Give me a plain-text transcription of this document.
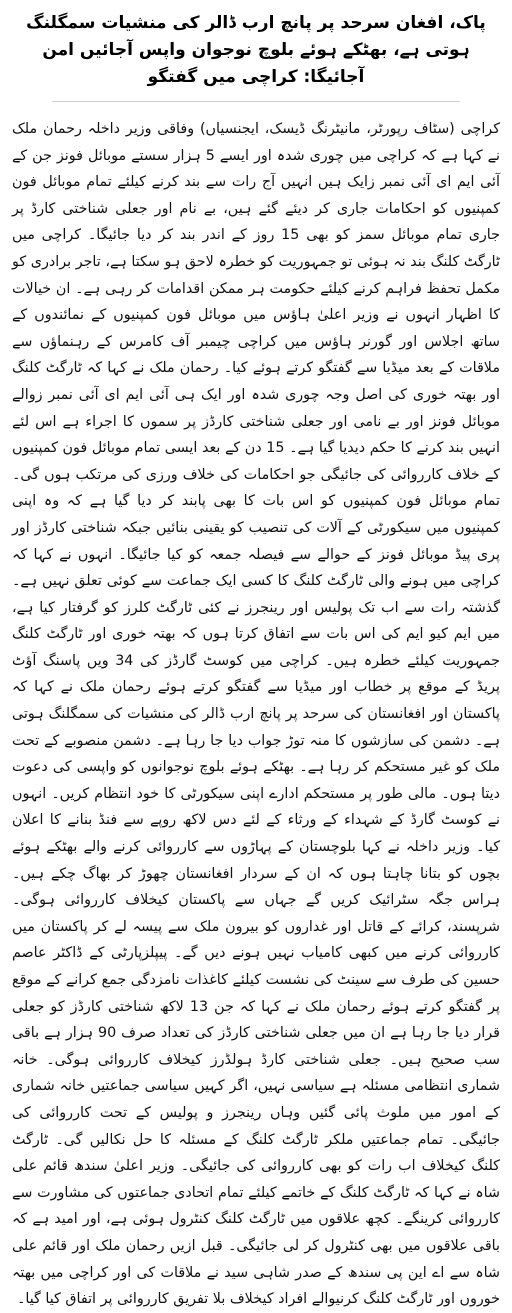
پاک، افغان سرحد پر پانچ ارب ڈالر کی منشیات سمگلنگ ہوتی ہے، بھٹکے ہوئے بلوچ نوجوان واپس آجائیں امن آجائیگا: کراچی میں گفتگو

کراچی (سٹاف رپورٹر، مانیٹرنگ ڈیسک، ایجنسیاں) وفاقی وزیر داخلہ رحمان ملک نے کہا ہے کہ کراچی میں چوری شدہ اور ایسے 5 ہزار سستے موبائل فونز جن کے آئی ایم ای آئی نمبر زایک ہیں انہیں آج رات سے بند کرنے کیلئے تمام موبائل فون کمپنیوں کو احکامات جاری کر دیئے گئے ہیں، بے نام اور جعلی شناختی کارڈ پر جاری تمام موبائل سمز کو بھی 15 روز کے اندر بند کر دیا جائیگا۔ کراچی میں ٹارگٹ کلنگ بند نہ ہوئی تو جمہوریت کو خطرہ لاحق ہو سکتا ہے، تاجر برادری کو مکمل تحفظ فراہم کرنے کیلئے حکومت ہر ممکن اقدامات کر رہی ہے۔ ان خیالات کا اظہار انہوں نے وزیر اعلیٰ ہاؤس میں موبائل فون کمپنیوں کے نمائندوں کے ساتھ اجلاس اور گورنر ہاؤس میں کراچی چیمبر آف کامرس کے رہنماؤں سے ملاقات کے بعد میڈیا سے گفتگو کرتے ہوئے کیا۔ رحمان ملک نے کہا کہ ٹارگٹ کلنگ اور بھتہ خوری کی اصل وجہ چوری شدہ اور ایک ہی آئی ایم ای آئی نمبر زوالے موبائل فونز اور بے نامی اور جعلی شناختی کارڈز پر سموں کا اجراء ہے اس لئے انہیں بند کرنے کا حکم دیدیا گیا ہے۔ 15 دن کے بعد ایسی تمام موبائل فون کمپنیوں کے خلاف کارروائی کی جائیگی جو احکامات کی خلاف ورزی کی مرتکب ہوں گی۔ تمام موبائل فون کمپنیوں کو اس بات کا بھی پابند کر دیا گیا ہے کہ وہ اپنی کمپنیوں میں سیکورٹی کے آلات کی تنصیب کو یقینی بنائیں جبکہ شناختی کارڈز اور پری پیڈ موبائل فونز کے حوالے سے فیصلہ جمعہ کو کیا جائیگا۔ انہوں نے کہا کہ کراچی میں ہونے والی ٹارگٹ کلنگ کا کسی ایک جماعت سے کوئی تعلق نہیں ہے۔ گذشتہ رات سے اب تک پولیس اور رینجرز نے کئی ٹارگٹ کلرز کو گرفتار کیا ہے، میں ایم کیو ایم کی اس بات سے اتفاق کرتا ہوں کہ بھتہ خوری اور ٹارگٹ کلنگ جمہوریت کیلئے خطرہ ہیں۔ کراچی میں کوسٹ گارڈز کی 34 ویں پاسنگ آؤٹ پریڈ کے موقع پر خطاب اور میڈیا سے گفتگو کرتے ہوئے رحمان ملک نے کہا کہ پاکستان اور افغانستان کی سرحد پر پانچ ارب ڈالر کی منشیات کی سمگلنگ ہوتی ہے۔ دشمن کی سازشوں کا منہ توڑ جواب دیا جا رہا ہے۔ دشمن منصوبے کے تحت ملک کو غیر مستحکم کر رہا ہے۔ بھٹکے ہوئے بلوچ نوجوانوں کو واپسی کی دعوت دیتا ہوں۔ مالی طور پر مستحکم ادارے اپنی سیکورٹی کا خود انتظام کریں۔ انہوں نے کوسٹ گارڈ کے شہداء کے ورثاء کے لئے دس لاکھ روپے سے فنڈ بنانے کا اعلان کیا۔ وزیر داخلہ نے کہا بلوچستان کے پہاڑوں سے کارروائی کرنے والے بھٹکے ہوئے بچوں کو بتانا چاہتا ہوں کہ ان کے سردار افغانستان چھوڑ کر بھاگ چکے ہیں۔ ہراس جگہ سٹرائیک کریں گے جہاں سے پاکستان کیخلاف کارروائی ہوگی۔ شرپسند، کرائے کے قاتل اور غداروں کو بیرون ملک سے پیسہ لے کر پاکستان میں کارروائی کرنے میں کبھی کامیاب نہیں ہونے دیں گے۔ پیپلزپارٹی کے ڈاکٹر عاصم حسین کی طرف سے سینٹ کی نشست کیلئے کاغذات نامزدگی جمع کرانے کے موقع پر گفتگو کرتے ہوئے رحمان ملک نے کہا کہ جن 13 لاکھ شناختی کارڈز کو جعلی قرار دیا جا رہا ہے ان میں جعلی شناختی کارڈز کی تعداد صرف 90 ہزار ہے باقی سب صحیح ہیں۔ جعلی شناختی کارڈ ہولڈرز کیخلاف کارروائی ہوگی۔ خانہ شماری انتظامی مسئلہ ہے سیاسی نہیں، اگر کہیں سیاسی جماعتیں خانہ شماری کے امور میں ملوث پائی گئیں وہاں رینجرز و پولیس کے تحت کارروائی کی جائیگی۔ تمام جماعتیں ملکر ٹارگٹ کلنگ کے مسئلہ کا حل نکالیں گی۔ ٹارگٹ کلنگ کیخلاف اب رات کو بھی کارروائی کی جائیگی۔ وزیر اعلیٰ سندھ قائم علی شاہ نے کہا کہ ٹارگٹ کلنگ کے خاتمے کیلئے تمام اتحادی جماعتوں کی مشاورت سے کارروائی کرینگے۔ کچھ علاقوں میں ٹارگٹ کلنگ کنٹرول ہوئی ہے، اور امید ہے کہ باقی علاقوں میں بھی کنٹرول کر لی جائیگی۔ قبل ازیں رحمان ملک اور قائم علی شاہ سے اے این پی سندھ کے صدر شاہی سید نے ملاقات کی اور کراچی میں بھتہ خوروں اور ٹارگٹ کلنگ کرنیوالے افراد کیخلاف بلا تفریق کارروائی پر اتفاق کیا گیا۔
